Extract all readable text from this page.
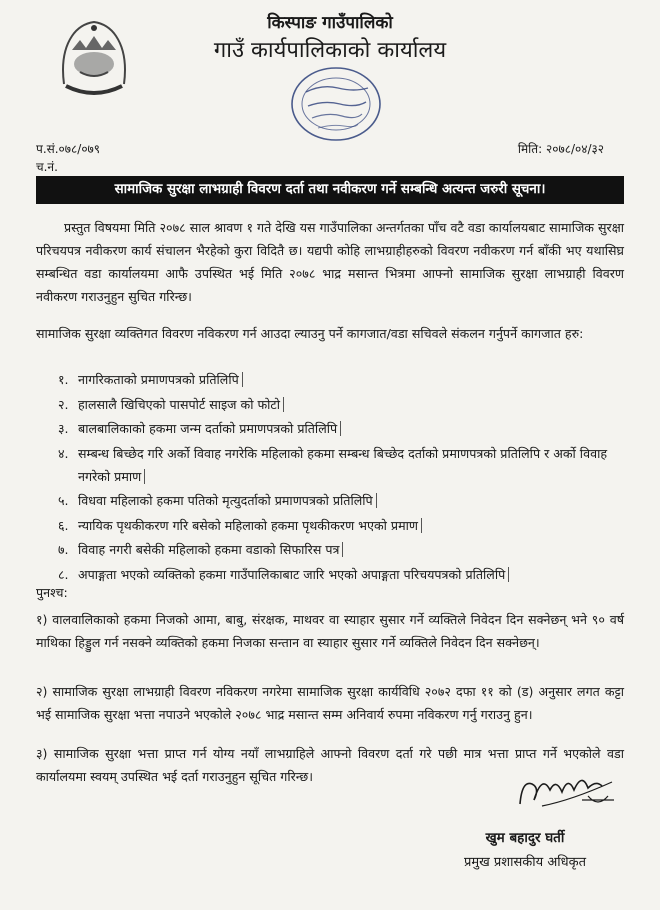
किस्पाङ गाउँपालिको
गाउँ कार्यपालिकाको कार्यालय
प.सं.०७८/०७९
च.नं.
मिति: २०७८/०४/३२
सामाजिक सुरक्षा लाभग्राही विवरण दर्ता तथा नवीकरण गर्ने सम्बन्धि अत्यन्त जरुरी सूचना।
प्रस्तुत विषयमा मिति २०७८ साल श्रावण १ गते देखि यस गाउँपालिका अन्तर्गतका पाँच वटै वडा कार्यालयबाट सामाजिक सुरक्षा परिचयपत्र नवीकरण कार्य संचालन भैरहेको कुरा विदितै छ। यद्यपी कोहि लाभग्राहीहरुको विवरण नवीकरण गर्न बाँकी भए यथासिघ्र सम्बन्धित वडा कार्यालयमा आफै उपस्थित भई मिति २०७८ भाद्र मसान्त भित्रमा आफ्नो सामाजिक सुरक्षा लाभग्राही विवरण नवीकरण गराउनुहुन सुचित गरिन्छ।
सामाजिक सुरक्षा व्यक्तिगत विवरण नविकरण गर्न आउदा ल्याउनु पर्ने कागजात/वडा सचिवले संकलन गर्नुपर्ने कागजात हरु:
१. नागरिकताको प्रमाणपत्रको प्रतिलिपि
२. हालसालै खिचिएको पासपोर्ट साइज को फोटो
३. बालबालिकाको हकमा जन्म दर्ताको प्रमाणपत्रको प्रतिलिपि
४. सम्बन्ध बिच्छेद गरि अर्को विवाह नगरेकि महिलाको हकमा सम्बन्ध बिच्छेद दर्ताको प्रमाणपत्रको प्रतिलिपि र अर्को विवाह नगरेको प्रमाण
५. विधवा महिलाको हकमा पतिको मृत्युदर्ताको प्रमाणपत्रको प्रतिलिपि
६. न्यायिक पृथकीकरण गरि बसेको महिलाको हकमा पृथकीकरण भएको प्रमाण
७. विवाह नगरी बसेकी महिलाको हकमा वडाको सिफारिस पत्र
८. अपाङ्गता भएको व्यक्तिको हकमा गाउँपालिकाबाट जारि भएको अपाङ्गता परिचयपत्रको प्रतिलिपि
पुनश्च:
१) वालवालिकाको हकमा निजको आमा, बाबु, संरक्षक, माथवर वा स्याहार सुसार गर्ने व्यक्तिले निवेदन दिन सक्नेछन् भने ९० वर्ष माथिका हिड्डुल गर्न नसक्ने व्यक्तिको हकमा निजका सन्तान वा स्याहार सुसार गर्ने व्यक्तिले निवेदन दिन सक्नेछन्।
२) सामाजिक सुरक्षा लाभग्राही विवरण नविकरण नगरेमा सामाजिक सुरक्षा कार्यविधि २०७२ दफा ११ को (ड) अनुसार लगत कट्टा भई सामाजिक सुरक्षा भत्ता नपाउने भएकोले २०७८ भाद्र मसान्त सम्म अनिवार्य रुपमा नविकरण गर्नु गराउनु हुन।
३) सामाजिक सुरक्षा भत्ता प्राप्त गर्न योग्य नयाँ लाभग्राहिले आफ्नो विवरण दर्ता गरे पछी मात्र भत्ता प्राप्त गर्ने भएकोले वडा कार्यालयमा स्वयम् उपस्थित भई दर्ता गराउनुहुन सूचित गरिन्छ।
खुम बहादुर घर्ती
प्रमुख प्रशासकीय अधिकृत
